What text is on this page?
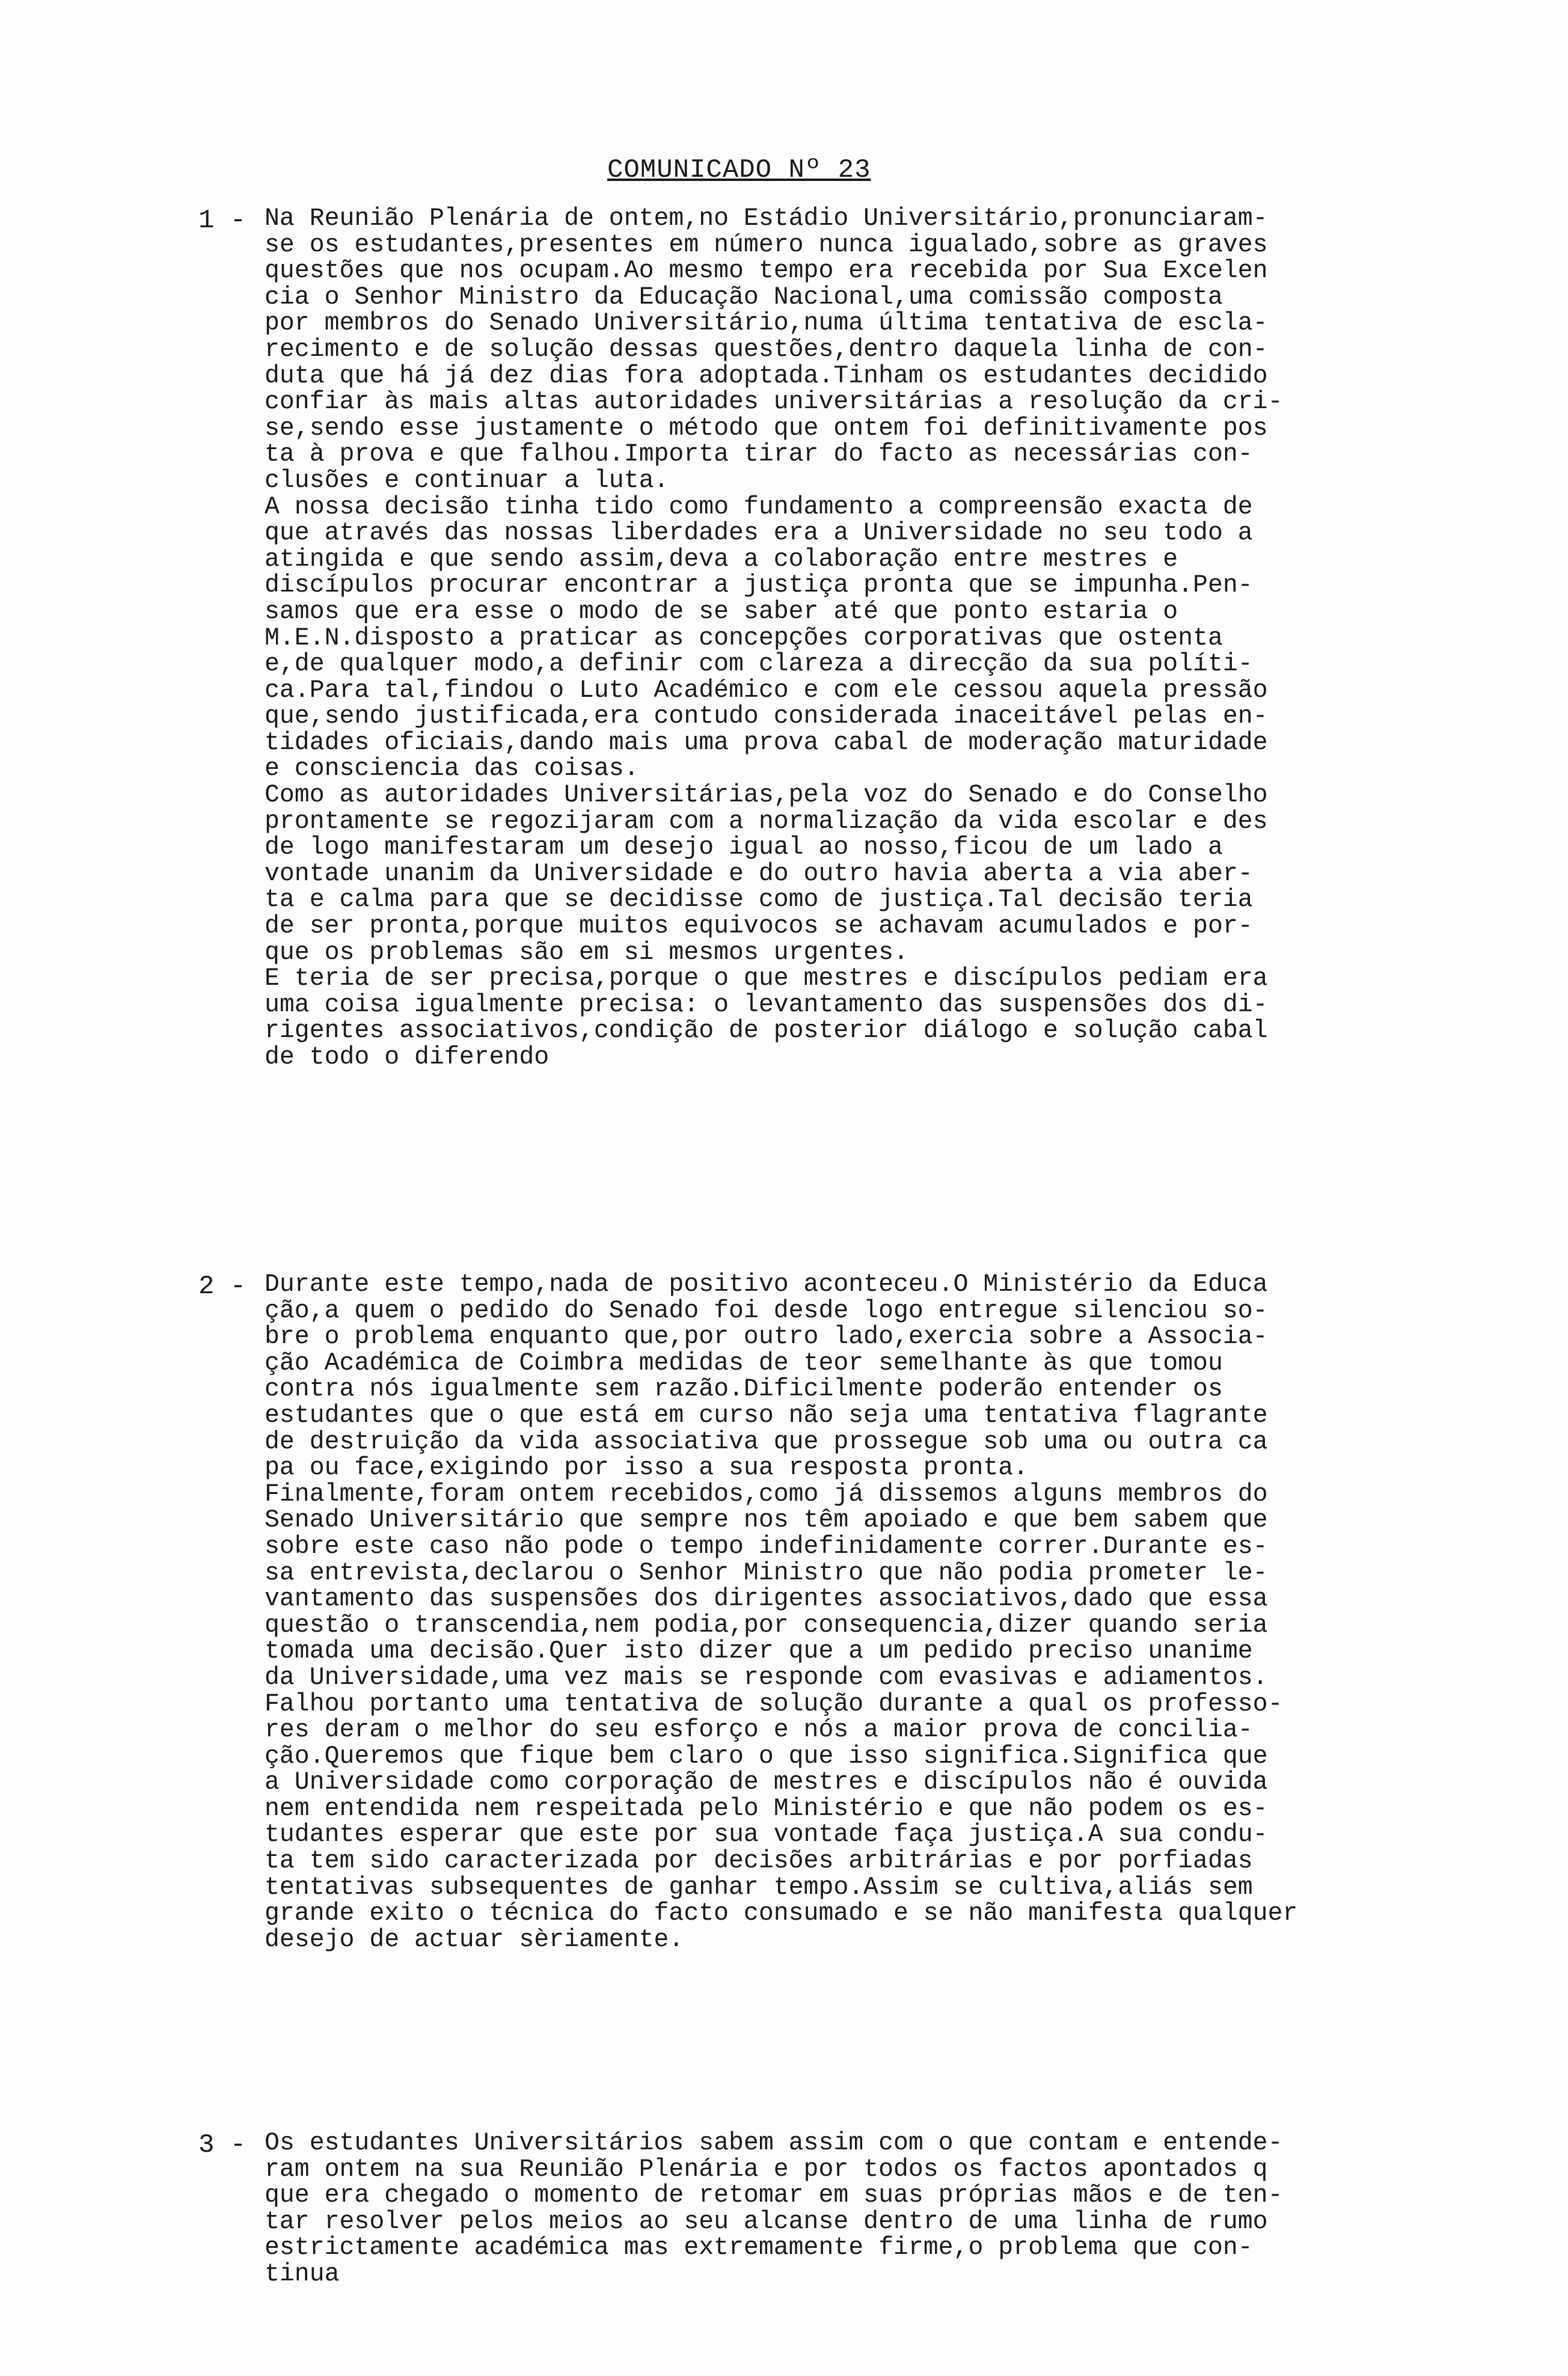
COMUNICADO Nº 23
1 - Na Reunião Plenária de ontem,no Estádio Universitário,pronunciaram-
se os estudantes,presentes em número nunca igualado,sobre as graves
questões que nos ocupam.Ao mesmo tempo era recebida por Sua Excelen
cia o Senhor Ministro da Educação Nacional,uma comissão composta
por membros do Senado Universitário,numa última tentativa de escla-
recimento e de solução dessas questões,dentro daquela linha de con-
duta que há já dez dias fora adoptada.Tinham os estudantes decidido
confiar às mais altas autoridades universitárias a resolução da cri-
se,sendo esse justamente o método que ontem foi definitivamente pos
ta à prova e que falhou.Importa tirar do facto as necessárias con-
clusões e continuar a luta.
A nossa decisão tinha tido como fundamento a compreensão exacta de
que através das nossas liberdades era a Universidade no seu todo a
atingida e que sendo assim,deva a colaboração entre mestres e
discípulos procurar encontrar a justiça pronta que se impunha.Pen-
samos que era esse o modo de se saber até que ponto estaria o
M.E.N.disposto a praticar as concepções corporativas que ostenta
e,de qualquer modo,a definir com clareza a direcção da sua políti-
ca.Para tal,findou o Luto Académico e com ele cessou aquela pressão
que,sendo justificada,era contudo considerada inaceitável pelas en-
tidades oficiais,dando mais uma prova cabal de moderação maturidade
e consciencia das coisas.
Como as autoridades Universitárias,pela voz do Senado e do Conselho
prontamente se regozijaram com a normalização da vida escolar e des
de logo manifestaram um desejo igual ao nosso,ficou de um lado a
vontade unanim da Universidade e do outro havia aberta a via aber-
ta e calma para que se decidisse como de justiça.Tal decisão teria
de ser pronta,porque muitos equivocos se achavam acumulados e por-
que os problemas são em si mesmos urgentes.
E teria de ser precisa,porque o que mestres e discípulos pediam era
uma coisa igualmente precisa: o levantamento das suspensões dos di-
rigentes associativos,condição de posterior diálogo e solução cabal
de todo o diferendo
2 - Durante este tempo,nada de positivo aconteceu.O Ministério da Educa
ção,a quem o pedido do Senado foi desde logo entregue silenciou so-
bre o problema enquanto que,por outro lado,exercia sobre a Associa-
ção Académica de Coimbra medidas de teor semelhante às que tomou
contra nós igualmente sem razão.Dificilmente poderão entender os
estudantes que o que está em curso não seja uma tentativa flagrante
de destruição da vida associativa que prossegue sob uma ou outra ca
pa ou face,exigindo por isso a sua resposta pronta.
Finalmente,foram ontem recebidos,como já dissemos alguns membros do
Senado Universitário que sempre nos têm apoiado e que bem sabem que
sobre este caso não pode o tempo indefinidamente correr.Durante es-
sa entrevista,declarou o Senhor Ministro que não podia prometer le-
vantamento das suspensões dos dirigentes associativos,dado que essa
questão o transcendia,nem podia,por consequencia,dizer quando seria
tomada uma decisão.Quer isto dizer que a um pedido preciso unanime
da Universidade,uma vez mais se responde com evasivas e adiamentos.
Falhou portanto uma tentativa de solução durante a qual os professo-
res deram o melhor do seu esforço e nós a maior prova de concilia-
ção.Queremos que fique bem claro o que isso significa.Significa que
a Universidade como corporação de mestres e discípulos não é ouvida
nem entendida nem respeitada pelo Ministério e que não podem os es-
tudantes esperar que este por sua vontade faça justiça.A sua condu-
ta tem sido caracterizada por decisões arbitrárias e por porfiadas
tentativas subsequentes de ganhar tempo.Assim se cultiva,aliás sem
grande exito o técnica do facto consumado e se não manifesta qualquer
desejo de actuar sèriamente.
3 - Os estudantes Universitários sabem assim com o que contam e entende-
ram ontem na sua Reunião Plenária e por todos os factos apontados q
que era chegado o momento de retomar em suas próprias mãos e de ten-
tar resolver pelos meios ao seu alcanse dentro de uma linha de rumo
estrictamente académica mas extremamente firme,o problema que con-
tinua
